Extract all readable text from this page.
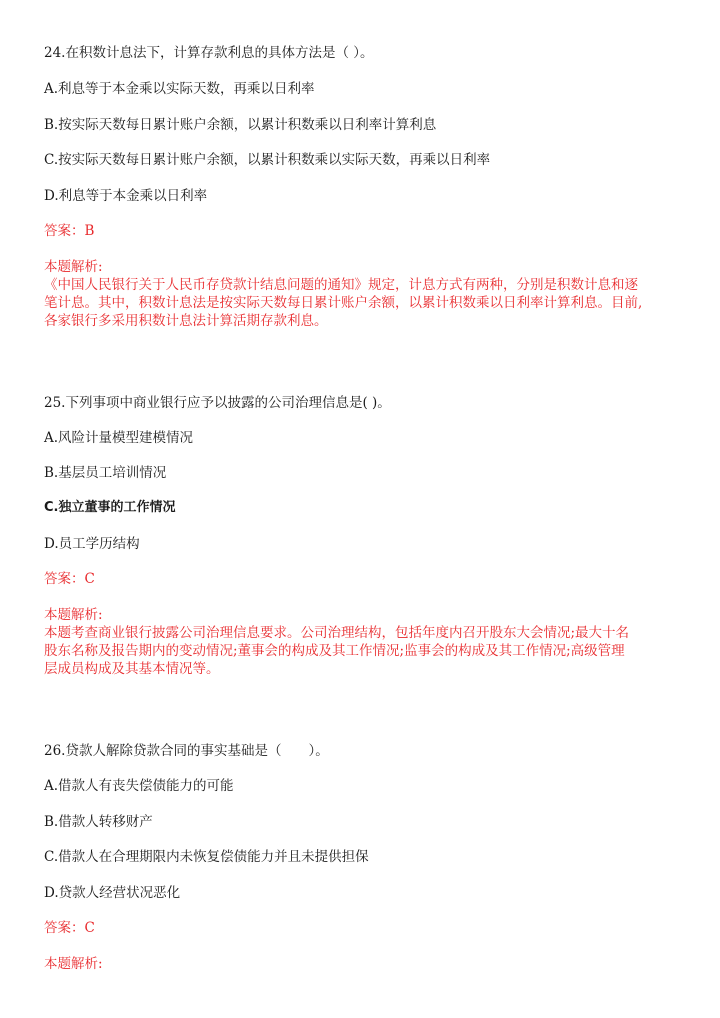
24.在积数计息法下，计算存款利息的具体方法是（ ）。
A.利息等于本金乘以实际天数，再乘以日利率
B.按实际天数每日累计账户余额，以累计积数乘以日利率计算利息
C.按实际天数每日累计账户余额，以累计积数乘以实际天数，再乘以日利率
D.利息等于本金乘以日利率
答案：B
本题解析:
《中国人民银行关于人民币存贷款计结息问题的通知》规定，计息方式有两种，分别是积数计息和逐
笔计息。其中，积数计息法是按实际天数每日累计账户余额，以累计积数乘以日利率计算利息。目前,
各家银行多采用积数计息法计算活期存款利息。
25.下列事项中商业银行应予以披露的公司治理信息是( )。
A.风险计量模型建模情况
B.基层员工培训情况
C.独立董事的工作情况
D.员工学历结构
答案：C
本题解析:
本题考查商业银行披露公司治理信息要求。公司治理结构，包括年度内召开股东大会情况;最大十名
股东名称及报告期内的变动情况;董事会的构成及其工作情况;监事会的构成及其工作情况;高级管理
层成员构成及其基本情况等。
26.贷款人解除贷款合同的事实基础是（　　）。
A.借款人有丧失偿债能力的可能
B.借款人转移财产
C.借款人在合理期限内未恢复偿债能力并且未提供担保
D.贷款人经营状况恶化
答案：C
本题解析:
